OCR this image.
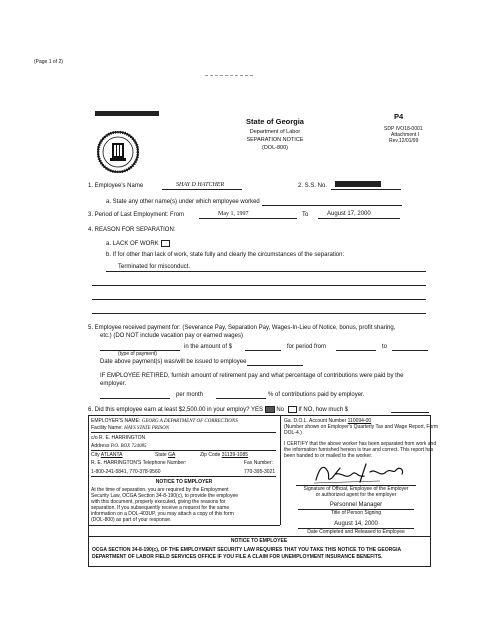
(Page 1 of 2)
State of Georgia
Department of Labor
SEPARATION NOTICE
(DOL-800)
P4
SDP IVO18-0001
Attachment I
Rev.12/01/99
1. Employee's Name	SHAY D HATCHER	2. S.S. No.
a. State any other name(s) under which employee worked
3. Period of Last Employment: From	May 1, 1997	To	August 17, 2000
4. REASON FOR SEPARATION:
a. LACK OF WORK
b. If for other than lack of work, state fully and clearly the circumstances of the separation:
Terminated for misconduct.
5. Employee received payment for: (Severance Pay, Separation Pay, Wages-In-Lieu of Notice, bonus, profit sharing,
etc.) (DO NOT include vacation pay or earned wages)
in the amount of $	for period from	to
(type of payment)
Date above payment(s) was/will be issued to employee
IF EMPLOYEE RETIRED, furnish amount of retirement pay and what percentage of contributions were paid by the
employer.
per month	% of contributions paid by employer.
6. Did this employee earn at least $2,500.00 in your employ? YES No If NO, how much $
EMPLOYER'S NAME: GEORG A DEPARTMENT OF CORRECTIONS
Facility Name: HAYS STATE PRISON
c/o R. E. HARRINGTON
Address P.O. BOX 724085
City ATLANTA	State GA	Zip Code 31139-1085
R. E. HARRINGTON'S Telephone Number:	Fax Number:
1-800-241-5841, 770-378-9560	770-395-3021
NOTICE TO EMPLOYER
At the time of separation, you are required by the Employment
Security Law, OCGA Section 34-8-190(c), to provide the employee
with this document, properly executed, giving the reasons for
separation. If you subsequently receive a request for the same
information on a DOL-403UP, you may attach a copy of this form
(DOL-800) as part of your response.
Ga. D.O.L. Account Number 110094-00
(Number shown on Employer's Quarterly Tax and Wage Report, Form
DOL-4.)
I CERTIFY that the above worker has been separated from work and
the information furnished hereon is true and correct. This report has
been handed to or mailed to the worker.
Signature of Official, Employee of the Employer
or authorized agent for the employer
Personnel Manager
Title of Person Signing
August 14, 2000
Date Completed and Released to Employee
NOTICE TO EMPLOYEE
OCGA SECTION 34-8-190(c), OF THE EMPLOYMENT SECURITY LAW REQUIRES THAT YOU TAKE THIS NOTICE TO THE GEORGIA
DEPARTMENT OF LABOR FIELD SERVICES OFFICE IF YOU FILE A CLAIM FOR UNEMPLOYMENT INSURANCE BENEFITS.
